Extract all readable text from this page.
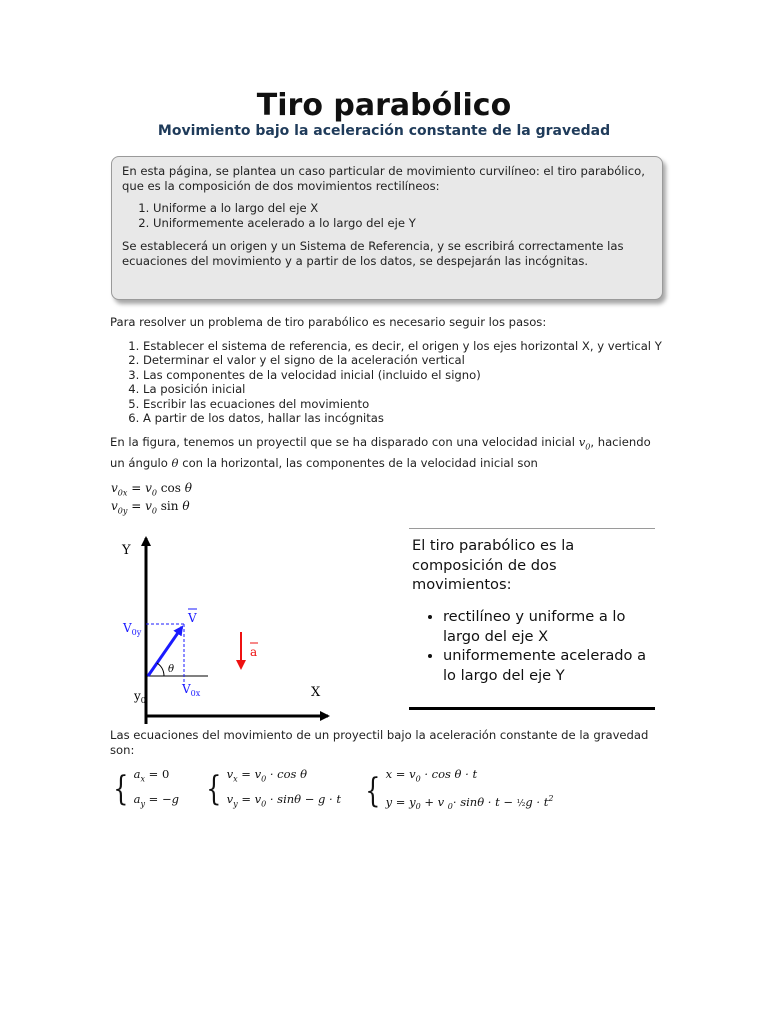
Tiro parabólico
Movimiento bajo la aceleración constante de la gravedad

En esta página, se plantea un caso particular de movimiento curvilíneo: el tiro parabólico, que es la composición de dos movimientos rectilíneos:

1. Uniforme a lo largo del eje X
2. Uniformemente acelerado a lo largo del eje Y

Se establecerá un origen y un Sistema de Referencia, y se escribirá correctamente las ecuaciones del movimiento y a partir de los datos, se despejarán las incógnitas.

Para resolver un problema de tiro parabólico es necesario seguir los pasos:
1. Establecer el sistema de referencia, es decir, el origen y los ejes horizontal X, y vertical Y
2. Determinar el valor y el signo de la aceleración vertical
3. Las componentes de la velocidad inicial (incluido el signo)
4. La posición inicial
5. Escribir las ecuaciones del movimiento
6. A partir de los datos, hallar las incógnitas
En la figura, tenemos un proyectil que se ha disparado con una velocidad inicial $v_0$, haciendo un ángulo θ con la horizontal, las componentes de la velocidad inicial son
$v_{0x} = v_0$ cos θ
$v_{0y} = v_0$ sin θ
Y
X
θ
$V_{0y}$
$V_{0x}$
V
$y_0$
a
El tiro parabólico es la composición de dos movimientos:
• rectilíneo y uniforme a lo largo del eje X
• uniformemente acelerado a lo largo del eje Y
Las ecuaciones del movimiento de un proyectil bajo la aceleración constante de la gravedad son:
{ $a_x = 0$
$a_y = -g$ { $v_x = v_0 \cdot \cos \theta$
$v_y = v_0 \cdot \sin\theta - g \cdot t$ { $x = v_0 \cdot \cos \theta \cdot t$
$y = y_0 + v$ $_0$· sinθ · t − ½g · $t^2$
